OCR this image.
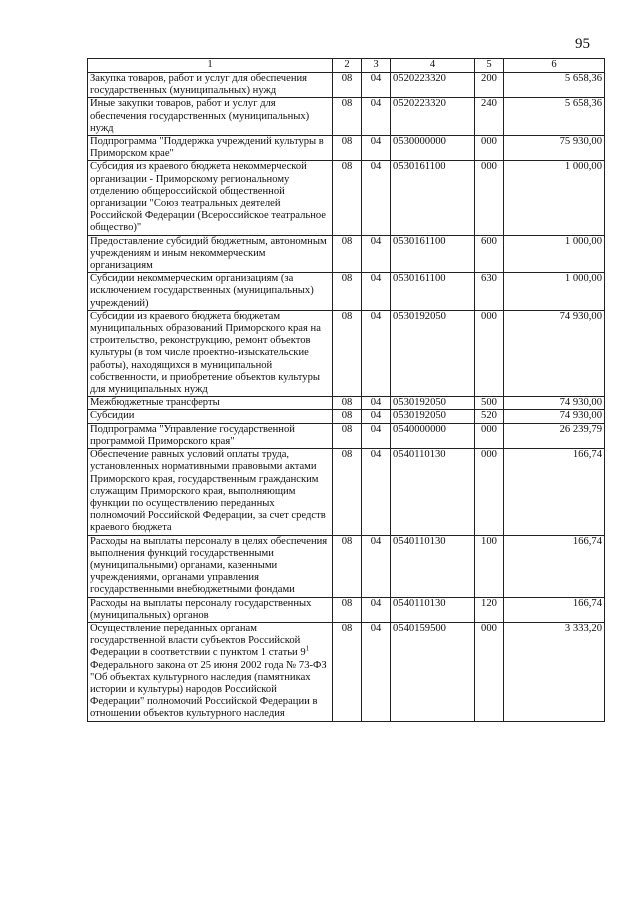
95
1	2	3	4	5	6
Закупка товаров, работ и услуг для обеспечения государственных (муниципальных) нужд	08	04	0520223320	200	5 658,36
Иные закупки товаров, работ и услуг для обеспечения государственных (муниципальных) нужд	08	04	0520223320	240	5 658,36
Подпрограмма "Поддержка учреждений культуры в Приморском крае"	08	04	0530000000	000	75 930,00
Субсидия из краевого бюджета некоммерческой организации - Приморскому региональному отделению общероссийской общественной организации "Союз театральных деятелей Российской Федерации (Всероссийское театральное общество)"	08	04	0530161100	000	1 000,00
Предоставление субсидий бюджетным, автономным учреждениям и иным некоммерческим организациям	08	04	0530161100	600	1 000,00
Субсидии некоммерческим организациям (за исключением государственных (муниципальных) учреждений)	08	04	0530161100	630	1 000,00
Субсидии из краевого бюджета бюджетам муниципальных образований Приморского края на строительство, реконструкцию, ремонт объектов культуры (в том числе проектно-изыскательские работы), находящихся в муниципальной собственности, и приобретение объектов культуры для муниципальных нужд	08	04	0530192050	000	74 930,00
Межбюджетные трансферты	08	04	0530192050	500	74 930,00
Субсидии	08	04	0530192050	520	74 930,00
Подпрограмма "Управление государственной программой Приморского края"	08	04	0540000000	000	26 239,79
Обеспечение равных условий оплаты труда, установленных нормативными правовыми актами Приморского края, государственным гражданским служащим Приморского края, выполняющим функции по осуществлению переданных полномочий Российской Федерации, за счет средств краевого бюджета	08	04	0540110130	000	166,74
Расходы на выплаты персоналу в целях обеспечения выполнения функций государственными (муниципальными) органами, казенными учреждениями, органами управления государственными внебюджетными фондами	08	04	0540110130	100	166,74
Расходы на выплаты персоналу государственных (муниципальных) органов	08	04	0540110130	120	166,74
Осуществление переданных органам государственной власти субъектов Российской Федерации в соответствии с пунктом 1 статьи $9^1$ Федерального закона от 25 июня 2002 года № 73-ФЗ "Об объектах культурного наследия (памятниках истории и культуры) народов Российской Федерации" полномочий Российской Федерации в отношении объектов культурного наследия	08	04	0540159500	000	3 333,20
